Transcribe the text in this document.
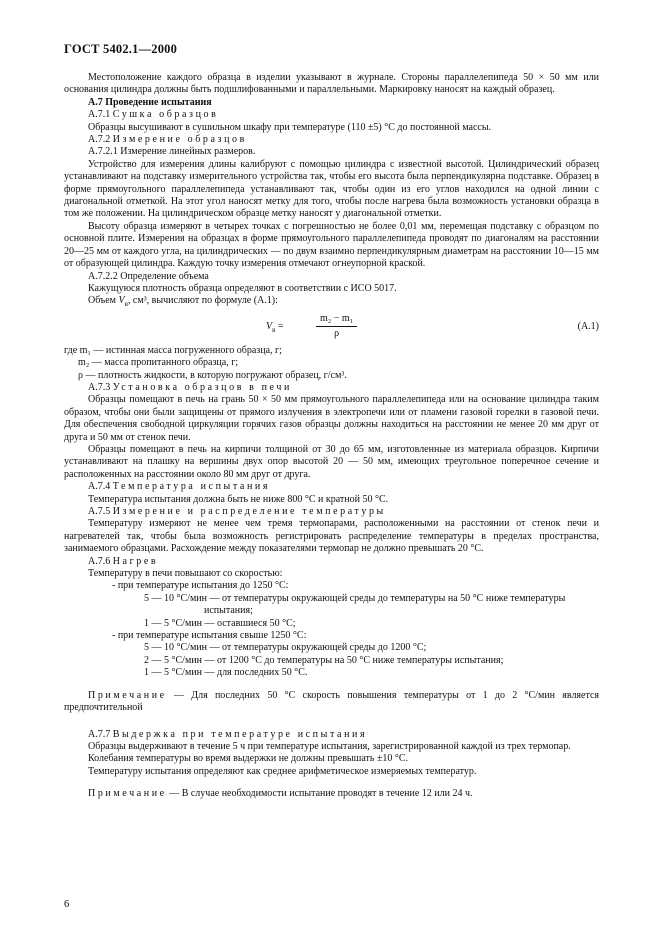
ГОСТ 5402.1—2000

Местоположение каждого образца в изделии указывают в журнале. Стороны параллелепипеда 50 × 50 мм или основания цилиндра должны быть подшлифованными и параллельными. Маркировку наносят на каждый образец.

А.7 Проведение испытания
А.7.1 Сушка образцов

Образцы высушивают в сушильном шкафу при температуре (110 ±5) °С до постоянной массы.

А.7.2 Измерение образцов
А.7.2.1 Измерение линейных размеров.

Устройство для измерения длины калибруют с помощью цилиндра с известной высотой. Цилиндрический образец устанавливают на подставку измерительного устройства так, чтобы его высота была перпендикулярна подставке. Образец в форме прямоугольного параллелепипеда устанавливают так, чтобы один из его углов находился на одной линии с диагональной отметкой. На этот угол наносят метку для того, чтобы после нагрева была возможность установки образца в том же положении. На цилиндрическом образце метку наносят у диагональной отметки.

Высоту образца измеряют в четырех точках с погрешностью не более 0,01 мм, перемещая подставку с образцом по основной плите. Измерения на образцах в форме прямоугольного параллелепипеда проводят по диагоналям на расстоянии 20—25 мм от каждого угла, на цилиндрических — по двум взаимно перпендикулярным диаметрам на расстоянии 10—15 мм от образующей цилиндра. Каждую точку измерения отмечают огнеупорной краской.

А.7.2.2 Определение объема

Кажущуюся плотность образца определяют в соответствии с ИСО 5017.

Объем $V_в$, см³, вычисляют по формуле (А.1):

$V_в$ =	$\frac{\text{m₂ − m₁}}{\rho}$	(А.1)

где m₁ — истинная масса погруженного образца, г;

m₂ — масса пропитанного образца, г;

ρ — плотность жидкости, в которую погружают образец, г/см³.

А.7.3 Установка образцов в печи

Образцы помещают в печь на грань 50 × 50 мм прямоугольного параллелепипеда или на основание цилиндра таким образом, чтобы они были защищены от прямого излучения в электропечи или от пламени газовой горелки в газовой печи. Для обеспечения свободной циркуляции горячих газов образцы должны находиться на расстоянии не менее 20 мм друг от друга и 50 мм от стенок печи.

Образцы помещают в печь на кирпичи толщиной от 30 до 65 мм, изготовленные из материала образцов. Кирпичи устанавливают на плашку на вершины двух опор высотой 20 — 50 мм, имеющих треугольное поперечное сечение и расположенных на расстоянии около 80 мм друг от друга.

А.7.4 Температура испытания

Температура испытания должна быть не ниже 800 °С и кратной 50 °С.

А.7.5 Измерение и распределение температуры

Температуру измеряют не менее чем тремя термопарами, расположенными на расстоянии от стенок печи и нагревателей так, чтобы была возможность регистрировать распределение температуры в пределах пространства, занимаемого образцами. Расхождение между показателями термопар не должно превышать 20 °С.

А.7.6 Нагрев

Температуру в печи повышают со скоростью:

- при температуре испытания до 1250 °С:

5 — 10 °С/мин — от температуры окружающей среды до температуры на 50 °С ниже температуры

испытания;

1 — 5 °С/мин — оставшиеся 50 °С;

- при температуре испытания свыше 1250 °С:

5 — 10 °С/мин — от температуры окружающей среды до 1200 °С;

2 — 5 °С/мин — от 1200 °С до температуры на 50 °С ниже температуры испытания;

1 — 5 °С/мин — для последних 50 °С.

Примечание — Для последних 50 °С скорость повышения температуры от 1 до 2 °С/мин является предпочтительной

А.7.7 Выдержка при температуре испытания

Образцы выдерживают в течение 5 ч при температуре испытания, зарегистрированной каждой из трех термопар.

Колебания температуры во время выдержки не должны превышать ±10 °С.

Температуру испытания определяют как среднее арифметическое измеряемых температур.

Примечание — В случае необходимости испытание проводят в течение 12 или 24 ч.

6
